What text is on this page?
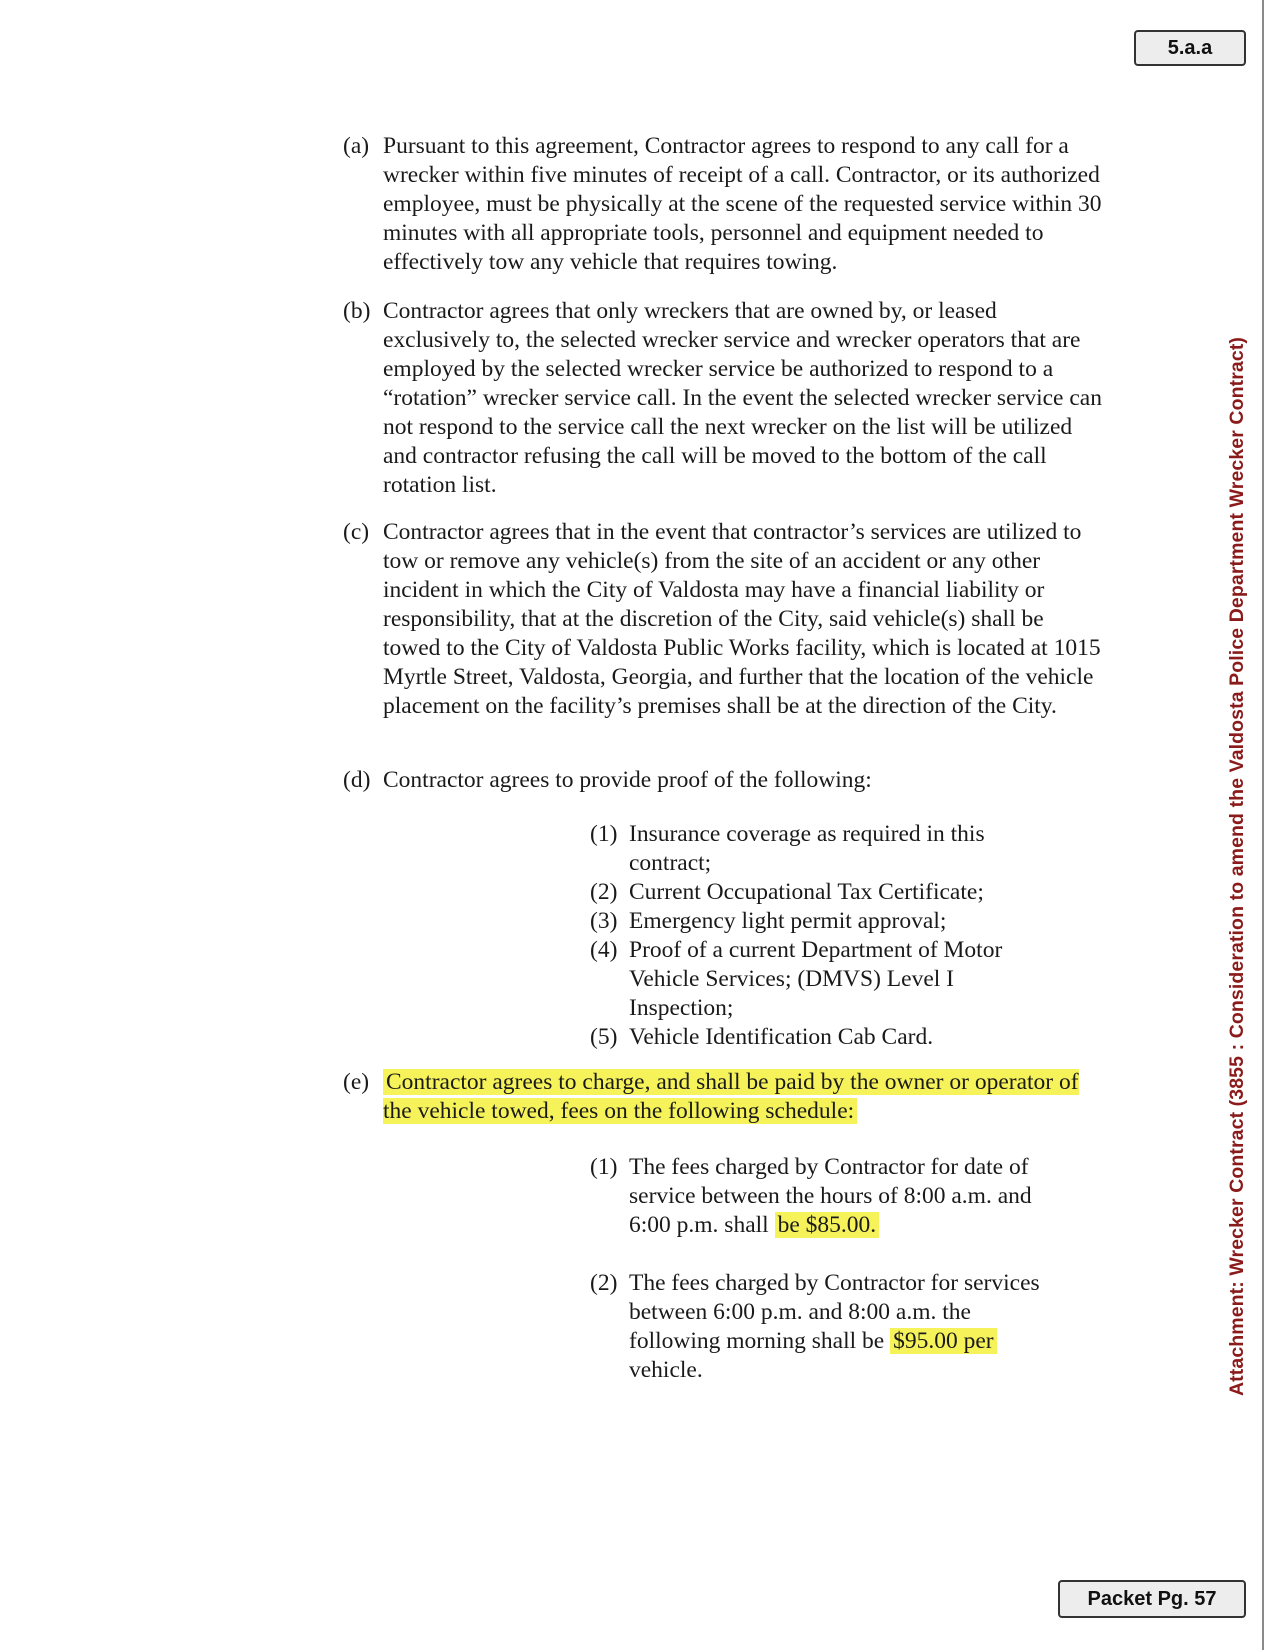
5.a.a
Attachment: Wrecker Contract (3855 : Consideration to amend the Valdosta Police Department Wrecker Contract)
(a) Pursuant to this agreement, Contractor agrees to respond to any call for a wrecker within five minutes of receipt of a call. Contractor, or its authorized employee, must be physically at the scene of the requested service within 30 minutes with all appropriate tools, personnel and equipment needed to effectively tow any vehicle that requires towing.
(b) Contractor agrees that only wreckers that are owned by, or leased exclusively to, the selected wrecker service and wrecker operators that are employed by the selected wrecker service be authorized to respond to a “rotation” wrecker service call. In the event the selected wrecker service can not respond to the service call the next wrecker on the list will be utilized and contractor refusing the call will be moved to the bottom of the call rotation list.
(c) Contractor agrees that in the event that contractor’s services are utilized to tow or remove any vehicle(s) from the site of an accident or any other incident in which the City of Valdosta may have a financial liability or responsibility, that at the discretion of the City, said vehicle(s) shall be towed to the City of Valdosta Public Works facility, which is located at 1015 Myrtle Street, Valdosta, Georgia, and further that the location of the vehicle placement on the facility’s premises shall be at the direction of the City.
(d) Contractor agrees to provide proof of the following:
(1) Insurance coverage as required in this contract;
(2) Current Occupational Tax Certificate;
(3) Emergency light permit approval;
(4) Proof of a current Department of Motor Vehicle Services; (DMVS) Level I Inspection;
(5) Vehicle Identification Cab Card.
(e) Contractor agrees to charge, and shall be paid by the owner or operator of the vehicle towed, fees on the following schedule:
(1) The fees charged by Contractor for date of service between the hours of 8:00 a.m. and 6:00 p.m. shall be $85.00.
(2) The fees charged by Contractor for services between 6:00 p.m. and 8:00 a.m. the following morning shall be $95.00 per vehicle.
Packet Pg. 57
